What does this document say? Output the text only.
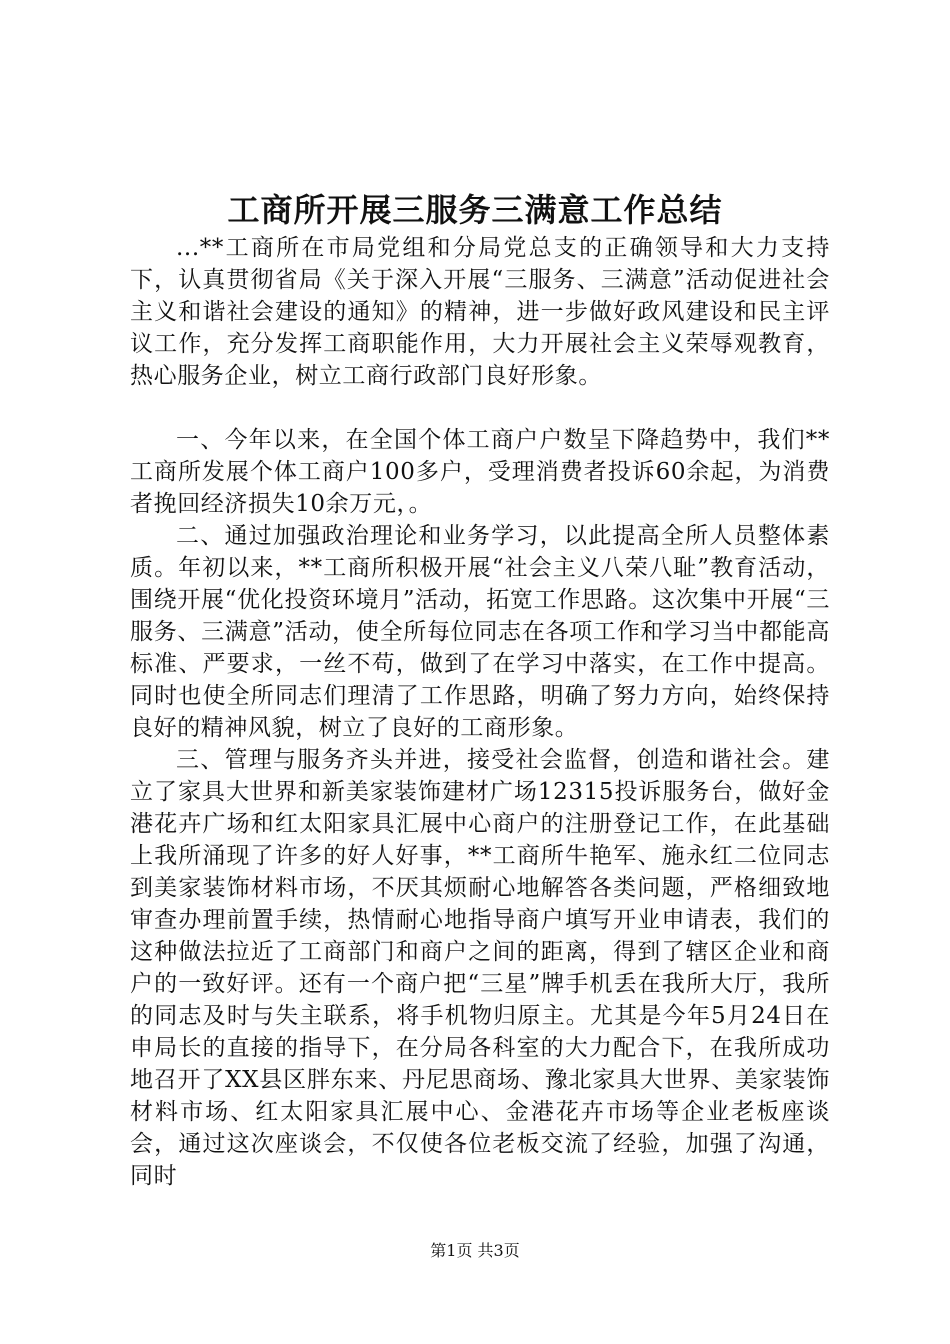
工商所开展三服务三满意工作总结

...**工商所在市局党组和分局党总支的正确领导和大力支持下，认真贯彻省局《关于深入开展“三服务、三满意”活动促进社会主义和谐社会建设的通知》的精神，进一步做好政风建设和民主评议工作，充分发挥工商职能作用，大力开展社会主义荣辱观教育，热心服务企业，树立工商行政部门良好形象。

一、今年以来，在全国个体工商户户数呈下降趋势中，我们**工商所发展个体工商户100多户，受理消费者投诉60余起，为消费者挽回经济损失10余万元，。

二、通过加强政治理论和业务学习，以此提高全所人员整体素质。年初以来，**工商所积极开展“社会主义八荣八耻”教育活动，围绕开展“优化投资环境月”活动，拓宽工作思路。这次集中开展“三服务、三满意”活动，使全所每位同志在各项工作和学习当中都能高标准、严要求，一丝不苟，做到了在学习中落实，在工作中提高。同时也使全所同志们理清了工作思路，明确了努力方向，始终保持良好的精神风貌，树立了良好的工商形象。

三、管理与服务齐头并进，接受社会监督，创造和谐社会。建立了家具大世界和新美家装饰建材广场12315投诉服务台，做好金港花卉广场和红太阳家具汇展中心商户的注册登记工作，在此基础上我所涌现了许多的好人好事，**工商所牛艳军、施永红二位同志到美家装饰材料市场，不厌其烦耐心地解答各类问题，严格细致地审查办理前置手续，热情耐心地指导商户填写开业申请表，我们的这种做法拉近了工商部门和商户之间的距离，得到了辖区企业和商户的一致好评。还有一个商户把“三星”牌手机丢在我所大厅，我所的同志及时与失主联系，将手机物归原主。尤其是今年5月24日在申局长的直接的指导下，在分局各科室的大力配合下，在我所成功地召开了XX县区胖东来、丹尼思商场、豫北家具大世界、美家装饰材料市场、红太阳家具汇展中心、金港花卉市场等企业老板座谈会，通过这次座谈会，不仅使各位老板交流了经验，加强了沟通，同时

第1页 共3页
